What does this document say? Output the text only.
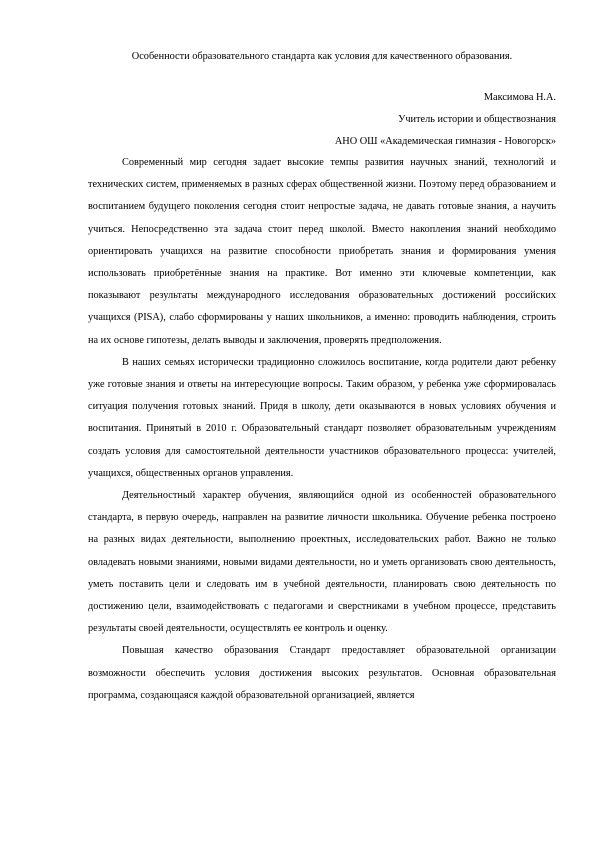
Особенности образовательного стандарта как условия для качественного образования.

Максимова Н.А.

Учитель истории и обществознания

АНО ОШ «Академическая гимназия - Новогорск»

Современный мир сегодня задает высокие темпы развития научных знаний, технологий и технических систем, применяемых в разных сферах общественной жизни. Поэтому перед образованием и воспитанием будущего поколения сегодня стоит непростые задача, не давать готовые знания, а научить учиться. Непосредственно эта задача стоит перед школой. Вместо накопления знаний необходимо ориентировать учащихся на развитие способности приобретать знания и формирования умения использовать приобретённые знания на практике. Вот именно эти ключевые компетенции, как показывают результаты международного исследования образовательных достижений российских учащихся (PISA), слабо сформированы у наших школьников, а именно: проводить наблюдения, строить на их основе гипотезы, делать выводы и заключения, проверять предположения.

В наших семьях исторически традиционно сложилось воспитание, когда родители дают ребенку уже готовые знания и ответы на интересующие вопросы. Таким образом, у ребенка уже сформировалась ситуация получения готовых знаний. Придя в школу, дети оказываются в новых условиях обучения и воспитания. Принятый в 2010 г. Образовательный стандарт позволяет образовательным учреждениям создать условия для самостоятельной деятельности участников образовательного процесса: учителей, учащихся, общественных органов управления.

Деятельностный характер обучения, являющийся одной из особенностей образовательного стандарта, в первую очередь, направлен на развитие личности школьника. Обучение ребенка построено на разных видах деятельности, выполнению проектных, исследовательских работ. Важно не только овладевать новыми знаниями, новыми видами деятельности, но и уметь организовать свою деятельность, уметь поставить цели и следовать им в учебной деятельности, планировать свою деятельность по достижению цели, взаимодействовать с педагогами и сверстниками в учебном процессе, представить результаты своей деятельности, осуществлять ее контроль и оценку.

Повышая качество образования Стандарт предоставляет образовательной организации возможности обеспечить условия достижения высоких результатов. Основная образовательная программа, создающаяся каждой образовательной организацией, является
